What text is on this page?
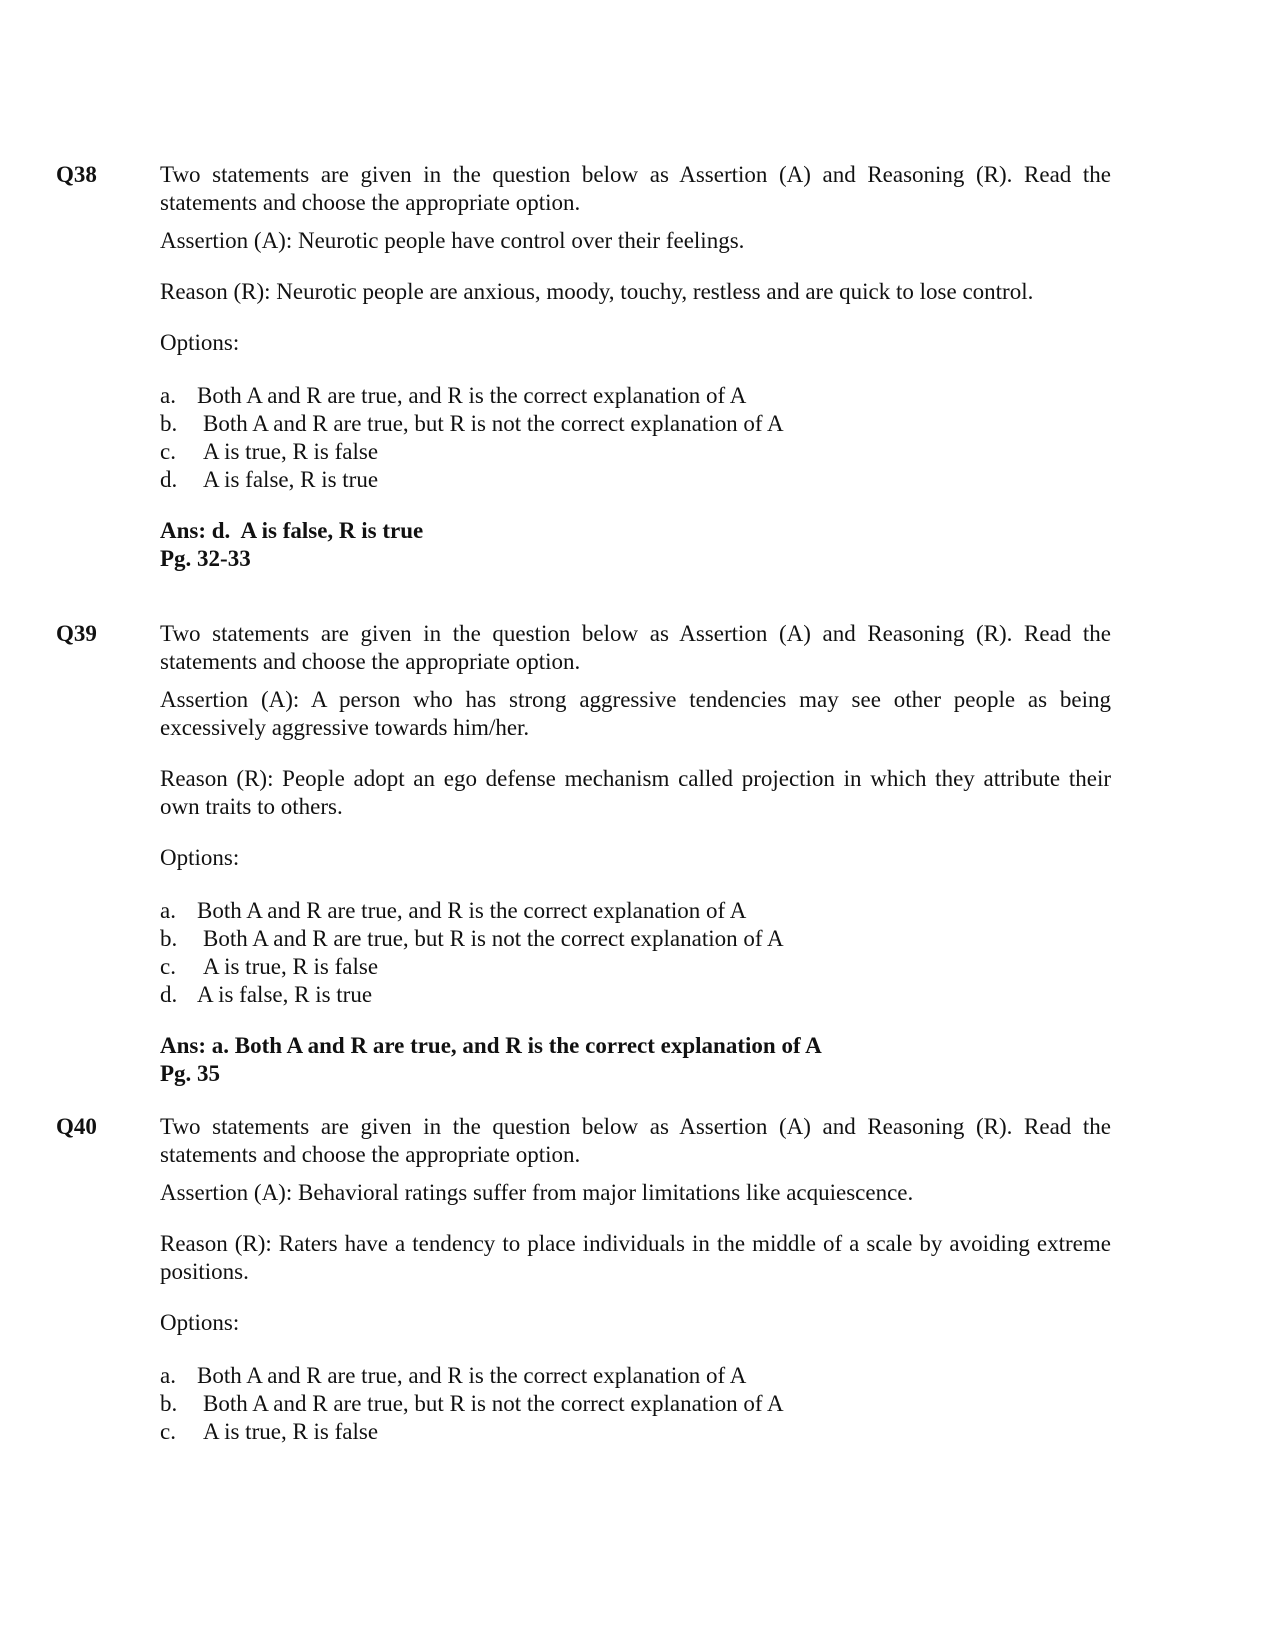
Q38	Two statements are given in the question below as Assertion (A) and Reasoning (R). Read the statements and choose the appropriate option.

Assertion (A): Neurotic people have control over their feelings.

Reason (R): Neurotic people are anxious, moody, touchy, restless and are quick to lose control.

Options:

a. Both A and R are true, and R is the correct explanation of A
b.	Both A and R are true, but R is not the correct explanation of A
c.	A is true, R is false
d.	A is false, R is true

Ans: d.  A is false, R is true

Pg. 32-33

Q39	Two statements are given in the question below as Assertion (A) and Reasoning (R). Read the statements and choose the appropriate option.

Assertion (A): A person who has strong aggressive tendencies may see other people as being excessively aggressive towards him/her.

Reason (R): People adopt an ego defense mechanism called projection in which they attribute their own traits to others.

Options:

a. Both A and R are true, and R is the correct explanation of A
b.	Both A and R are true, but R is not the correct explanation of A
c.	A is true, R is false
d. A is false, R is true

Ans: a. Both A and R are true, and R is the correct explanation of A

Pg. 35

Q40	Two statements are given in the question below as Assertion (A) and Reasoning (R). Read the statements and choose the appropriate option.

Assertion (A): Behavioral ratings suffer from major limitations like acquiescence.

Reason (R): Raters have a tendency to place individuals in the middle of a scale by avoiding extreme positions.

Options:

a. Both A and R are true, and R is the correct explanation of A
b.	Both A and R are true, but R is not the correct explanation of A
c.	A is true, R is false
